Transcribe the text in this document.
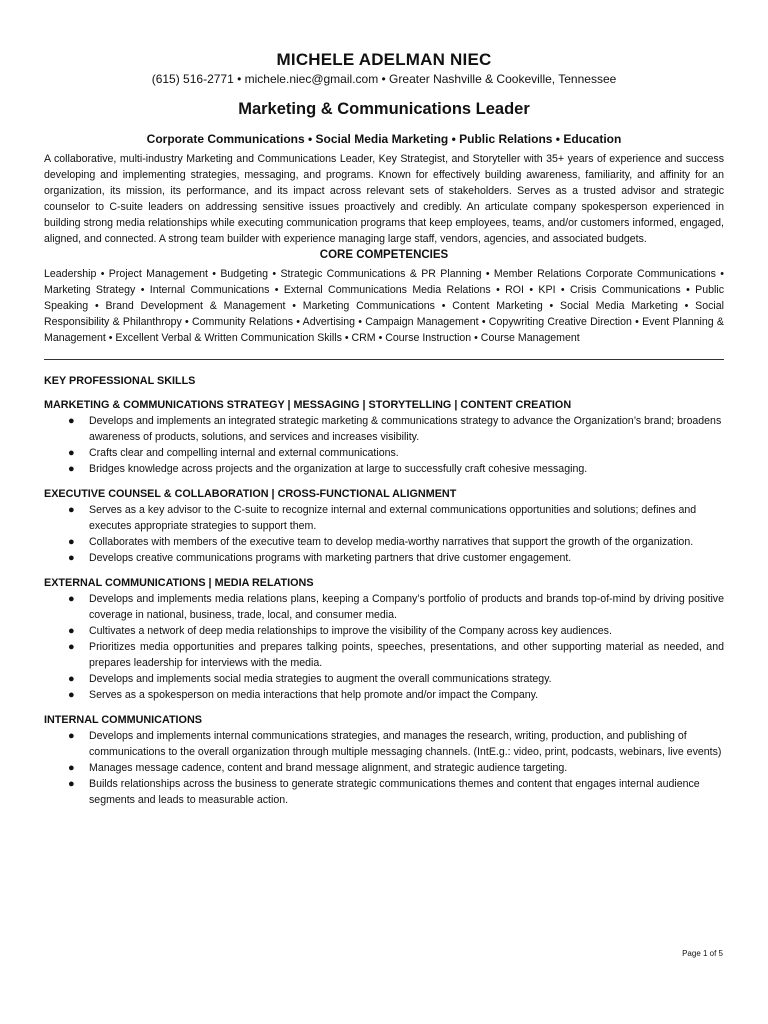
MICHELE ADELMAN NIEC
(615) 516-2771 • michele.niec@gmail.com • Greater Nashville & Cookeville, Tennessee
Marketing & Communications Leader
Corporate Communications • Social Media Marketing • Public Relations • Education
A collaborative, multi-industry Marketing and Communications Leader, Key Strategist, and Storyteller with 35+ years of experience and success developing and implementing strategies, messaging, and programs. Known for effectively building awareness, familiarity, and affinity for an organization, its mission, its performance, and its impact across relevant sets of stakeholders. Serves as a trusted advisor and strategic counselor to C-suite leaders on addressing sensitive issues proactively and credibly. An articulate company spokesperson experienced in building strong media relationships while executing communication programs that keep employees, teams, and/or customers informed, engaged, aligned, and connected. A strong team builder with experience managing large staff, vendors, agencies, and associated budgets.
CORE COMPETENCIES
Leadership • Project Management • Budgeting • Strategic Communications & PR Planning • Member Relations Corporate Communications • Marketing Strategy • Internal Communications • External Communications Media Relations • ROI • KPI • Crisis Communications • Public Speaking • Brand Development & Management • Marketing Communications • Content Marketing • Social Media Marketing • Social Responsibility & Philanthropy • Community Relations • Advertising • Campaign Management • Copywriting Creative Direction • Event Planning & Management • Excellent Verbal & Written Communication Skills • CRM • Course Instruction • Course Management
KEY PROFESSIONAL SKILLS
MARKETING & COMMUNICATIONS STRATEGY | MESSAGING | STORYTELLING | CONTENT CREATION
● Develops and implements an integrated strategic marketing & communications strategy to advance the Organization’s brand; broadens awareness of products, solutions, and services and increases visibility.
● Crafts clear and compelling internal and external communications.
● Bridges knowledge across projects and the organization at large to successfully craft cohesive messaging.
EXECUTIVE COUNSEL & COLLABORATION | CROSS-FUNCTIONAL ALIGNMENT
● Serves as a key advisor to the C-suite to recognize internal and external communications opportunities and solutions; defines and executes appropriate strategies to support them.
● Collaborates with members of the executive team to develop media-worthy narratives that support the growth of the organization.
● Develops creative communications programs with marketing partners that drive customer engagement.
EXTERNAL COMMUNICATIONS | MEDIA RELATIONS
● Develops and implements media relations plans, keeping a Company’s portfolio of products and brands top-of-mind by driving positive coverage in national, business, trade, local, and consumer media.
● Cultivates a network of deep media relationships to improve the visibility of the Company across key audiences.
● Prioritizes media opportunities and prepares talking points, speeches, presentations, and other supporting material as needed, and prepares leadership for interviews with the media.
● Develops and implements social media strategies to augment the overall communications strategy.
● Serves as a spokesperson on media interactions that help promote and/or impact the Company.
INTERNAL COMMUNICATIONS
● Develops and implements internal communications strategies, and manages the research, writing, production, and publishing of communications to the overall organization through multiple messaging channels. (IntE.g.: video, print, podcasts, webinars, live events)
● Manages message cadence, content and brand message alignment, and strategic audience targeting.
● Builds relationships across the business to generate strategic communications themes and content that engages internal audience segments and leads to measurable action.
Page 1 of 5
